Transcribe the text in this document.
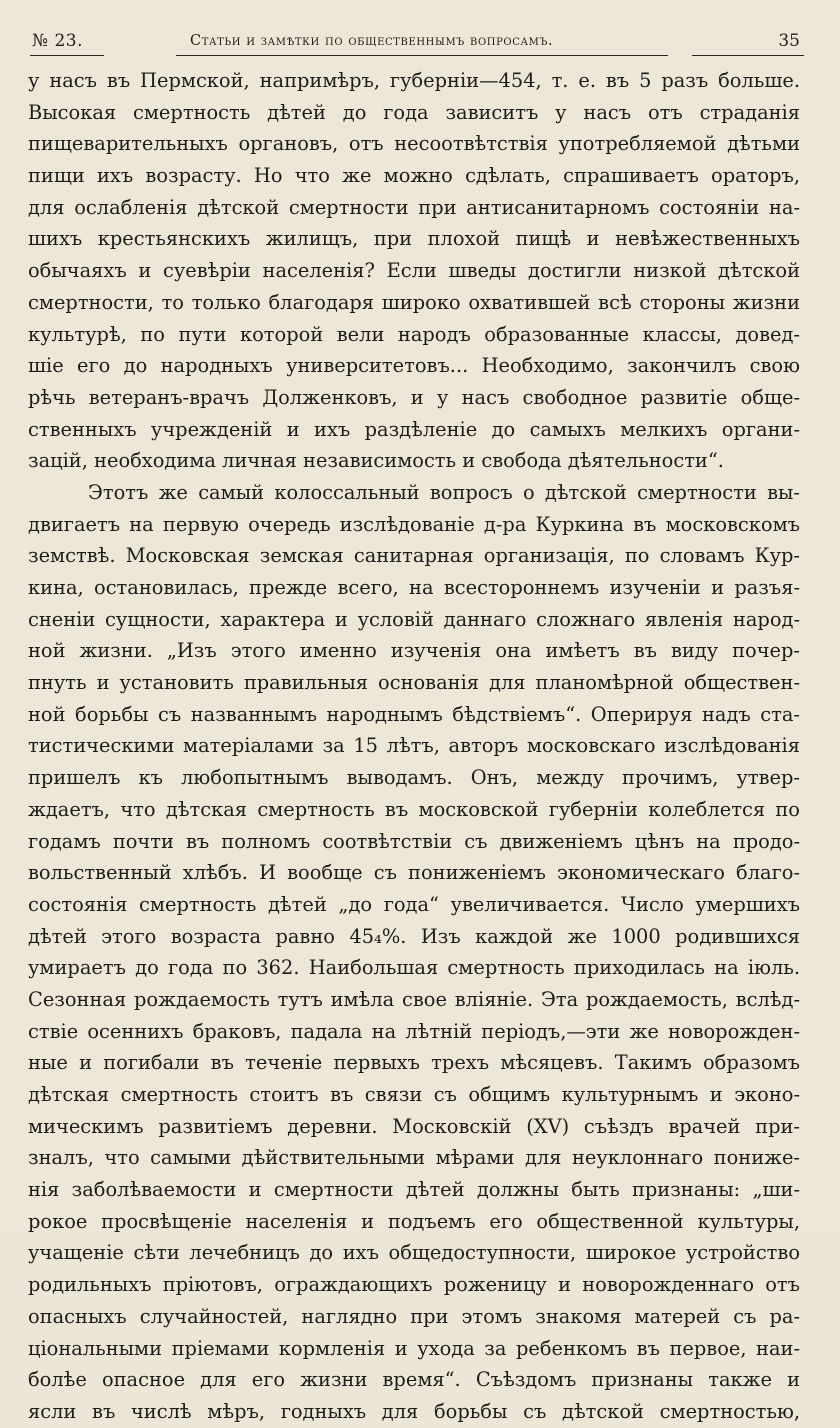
№ 23.	Статьи и замѣтки по общественнымъ вопросамъ.	35
у насъ въ Пермской, напримѣръ, губерніи—454, т. е. въ 5 разъ больше.
Высокая смертность дѣтей до года зависитъ у насъ отъ страданія
пищеварительныхъ органовъ, отъ несоотвѣтствія употребляемой дѣтьми
пищи ихъ возрасту. Но что же можно сдѣлать, спрашиваетъ ораторъ,
для ослабленія дѣтской смертности при антисанитарномъ состояніи на-
шихъ крестьянскихъ жилищъ, при плохой пищѣ и невѣжественныхъ
обычаяхъ и суевѣріи населенія? Если шведы достигли низкой дѣтской
смертности, то только благодаря широко охватившей всѣ стороны жизни
культурѣ, по пути которой вели народъ образованные классы, довед-
шіе его до народныхъ университетовъ... Необходимо, закончилъ свою
рѣчь ветеранъ-врачъ Долженковъ, и у насъ свободное развитіе обще-
ственныхъ учрежденій и ихъ раздѣленіе до самыхъ мелкихъ органи-
зацій, необходима личная независимость и свобода дѣятельности“.
Этотъ же самый колоссальный вопросъ о дѣтской смертности вы-
двигаетъ на первую очередь изслѣдованіе д-ра Куркина въ московскомъ
земствѣ. Московская земская санитарная организація, по словамъ Кур-
кина, остановилась, прежде всего, на всестороннемъ изученіи и разъя-
сненіи сущности, характера и условій даннаго сложнаго явленія народ-
ной жизни. „Изъ этого именно изученія она имѣетъ въ виду почер-
пнуть и установить правильныя основанія для планомѣрной обществен-
ной борьбы съ названнымъ народнымъ бѣдствіемъ“. Оперируя надъ ста-
тистическими матеріалами за 15 лѣтъ, авторъ московскаго изслѣдованія
пришелъ къ любопытнымъ выводамъ. Онъ, между прочимъ, утвер-
ждаетъ, что дѣтская смертность въ московской губерніи колеблется по
годамъ почти въ полномъ соотвѣтствіи съ движеніемъ цѣнъ на продо-
вольственный хлѣбъ. И вообще съ пониженіемъ экономическаго благо-
состоянія смертность дѣтей „до года“ увеличивается. Число умершихъ
дѣтей этого возраста равно 45₄%. Изъ каждой же 1000 родившихся
умираетъ до года по 362. Наибольшая смертность приходилась на іюль.
Сезонная рождаемость тутъ имѣла свое вліяніе. Эта рождаемость, вслѣд-
ствіе осеннихъ браковъ, падала на лѣтній періодъ,—эти же новорожден-
ные и погибали въ теченіе первыхъ трехъ мѣсяцевъ. Такимъ образомъ
дѣтская смертность стоитъ въ связи съ общимъ культурнымъ и эконо-
мическимъ развитіемъ деревни. Московскій (XV) съѣздъ врачей при-
зналъ, что самыми дѣйствительными мѣрами для неуклоннаго пониже-
нія заболѣваемости и смертности дѣтей должны быть признаны: „ши-
рокое просвѣщеніе населенія и подъемъ его общественной культуры,
учащеніе сѣти лечебницъ до ихъ общедоступности, широкое устройство
родильныхъ пріютовъ, ограждающихъ роженицу и новорожденнаго отъ
опасныхъ случайностей, наглядно при этомъ знакомя матерей съ ра-
ціональными пріемами кормленія и ухода за ребенкомъ въ первое, наи-
болѣе опасное для его жизни время“. Съѣздомъ признаны также и
ясли въ числѣ мѣръ, годныхъ для борьбы съ дѣтской смертностью,
